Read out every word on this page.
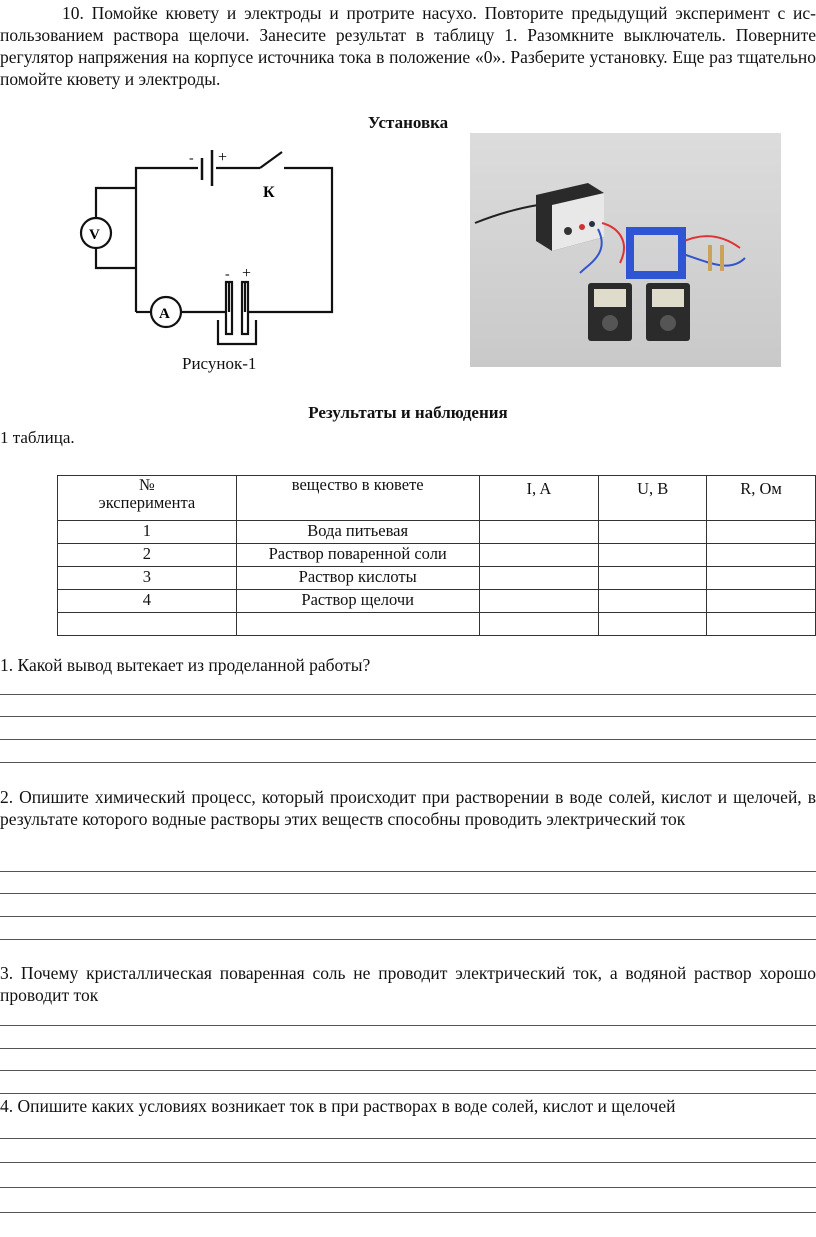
10. Помойке кювету и электроды и протрите насухо. Повторите предыдущий эксперимент с ис- пользованием раствора щелочи. Занесите результат в таблицу 1. Разомкните выключатель. Поверните регулятор напряжения на корпусе источника тока в положение «0». Разберите установку. Еще раз тщательно помойте кювету и электроды.
Установка
- +
К
V
A
- +
Рисунок-1
Результаты и наблюдения
1 таблица.
№
эксперимента	вещество в кювете	I, A	U, B	R, Ом
1	Вода питьевая			
2	Раствор поваренной соли			
3	Раствор кислоты			
4	Раствор щелочи			

1. Какой вывод вытекает из проделанной работы?
2. Опишите химический процесс, который происходит при растворении в воде солей, кислот и щелочей, в результате которого водные растворы этих веществ способны проводить электрический ток
3. Почему кристаллическая поваренная соль не проводит электрический ток, а водяной раствор хорошо проводит ток
4. Опишите каких условиях возникает ток в при растворах в воде солей, кислот и щелочей
